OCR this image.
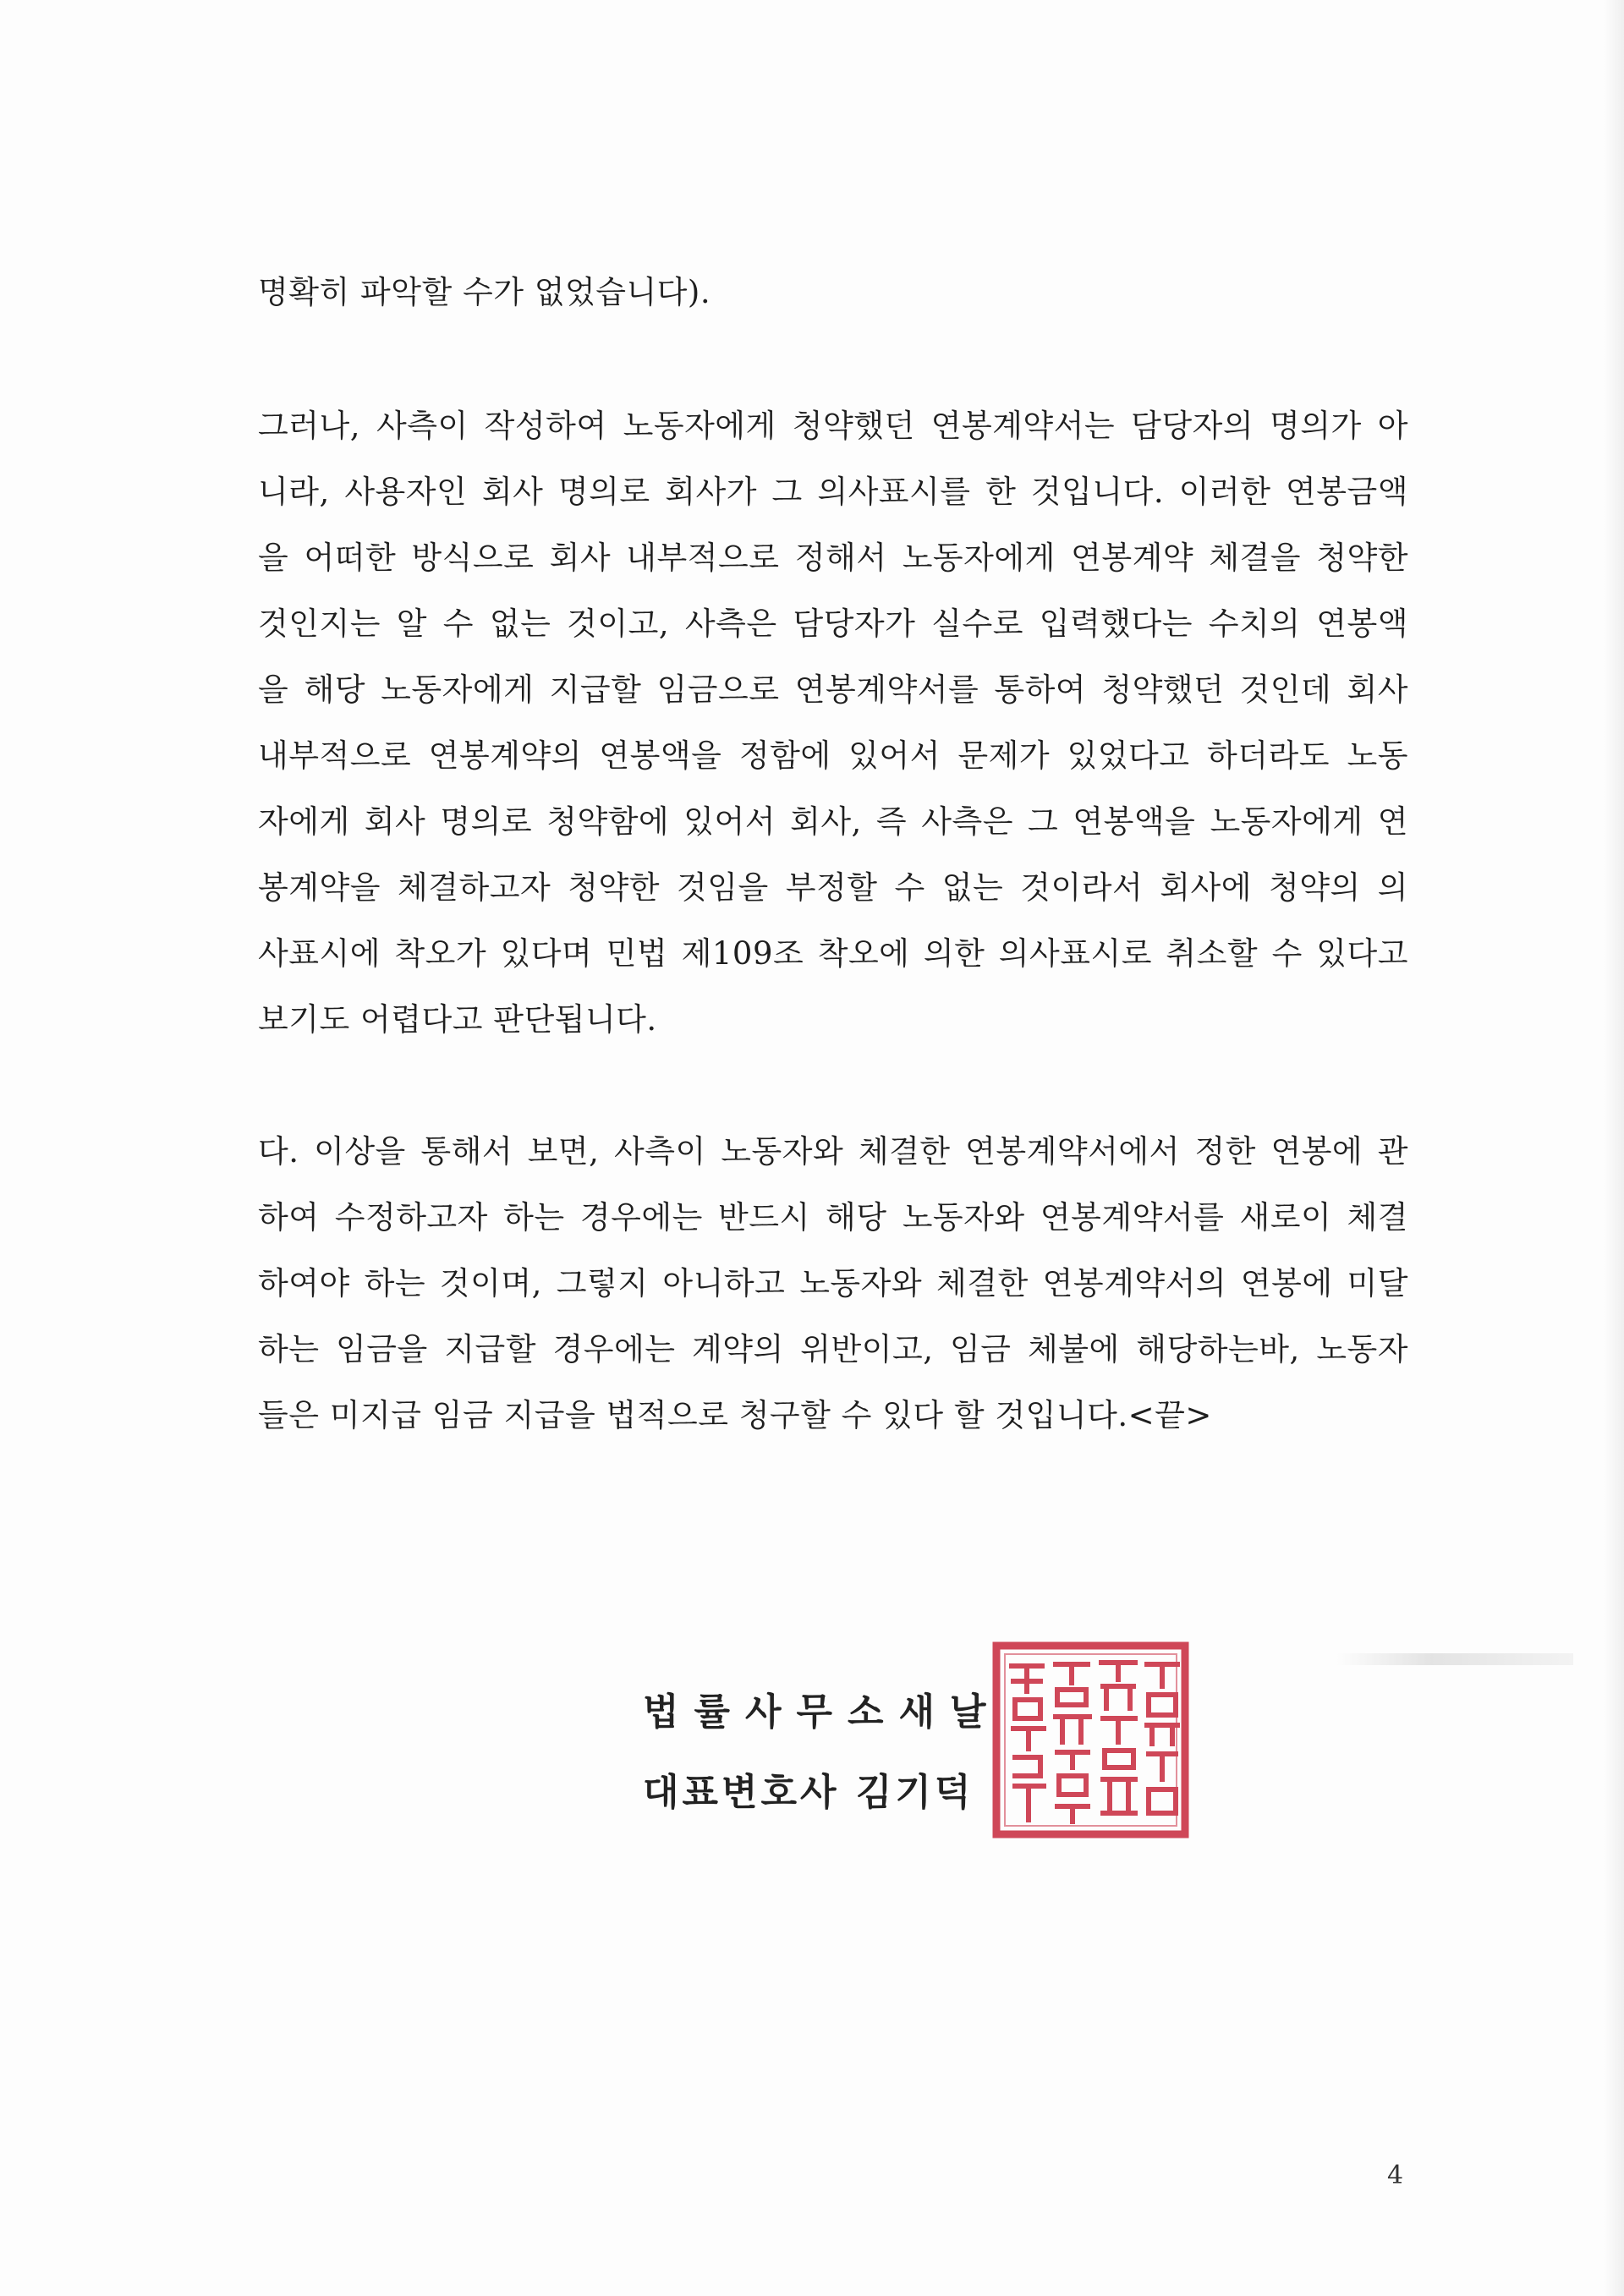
명확히 파악할 수가 없었습니다).
그러나, 사측이 작성하여 노동자에게 청약했던 연봉계약서는 담당자의 명의가 아
니라, 사용자인 회사 명의로 회사가 그 의사표시를 한 것입니다. 이러한 연봉금액
을 어떠한 방식으로 회사 내부적으로 정해서 노동자에게 연봉계약 체결을 청약한
것인지는 알 수 없는 것이고, 사측은 담당자가 실수로 입력했다는 수치의 연봉액
을 해당 노동자에게 지급할 임금으로 연봉계약서를 통하여 청약했던 것인데 회사
내부적으로 연봉계약의 연봉액을 정함에 있어서 문제가 있었다고 하더라도 노동
자에게 회사 명의로 청약함에 있어서 회사, 즉 사측은 그 연봉액을 노동자에게 연
봉계약을 체결하고자 청약한 것임을 부정할 수 없는 것이라서 회사에 청약의 의
사표시에 착오가 있다며 민법 제109조 착오에 의한 의사표시로 취소할 수 있다고
보기도 어렵다고 판단됩니다.
다. 이상을 통해서 보면, 사측이 노동자와 체결한 연봉계약서에서 정한 연봉에 관
하여 수정하고자 하는 경우에는 반드시 해당 노동자와 연봉계약서를 새로이 체결
하여야 하는 것이며, 그렇지 아니하고 노동자와 체결한 연봉계약서의 연봉에 미달
하는 임금을 지급할 경우에는 계약의 위반이고, 임금 체불에 해당하는바, 노동자
들은 미지급 임금 지급을 법적으로 청구할 수 있다 할 것입니다.<끝>
법률사무소새날
대표변호사 김기덕
4
